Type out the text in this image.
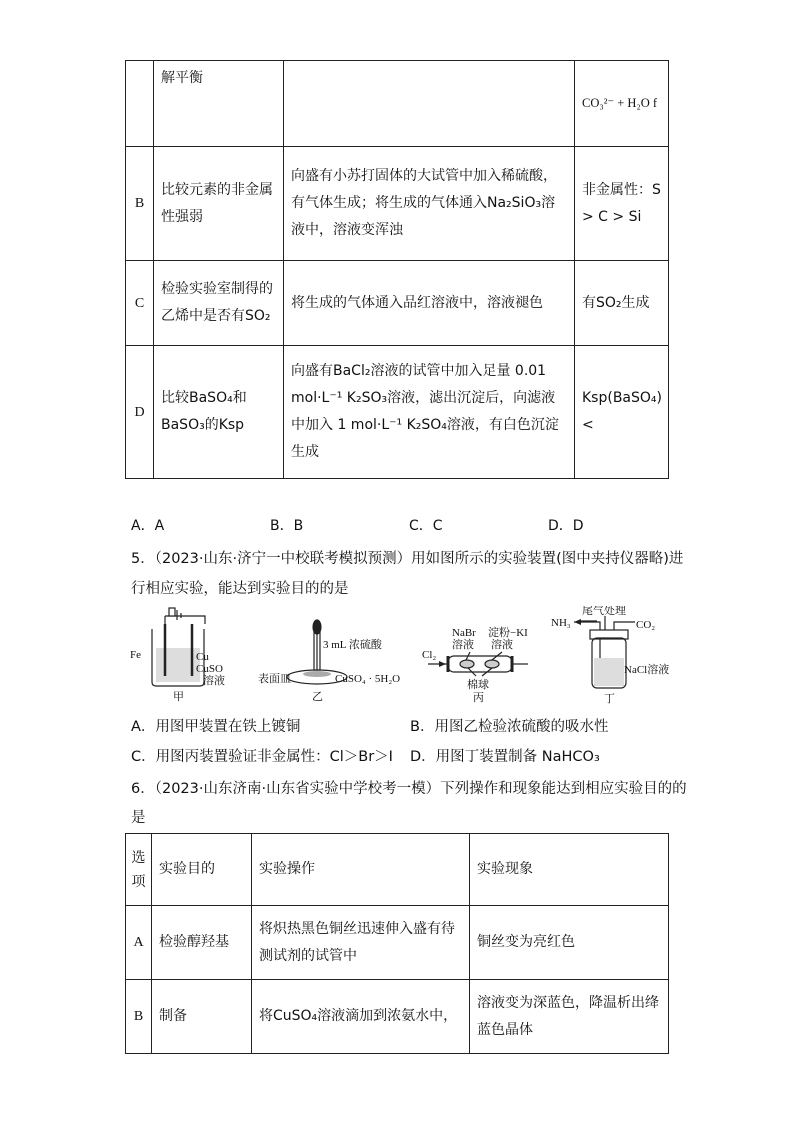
	解平衡		CO₃²⁻ + H₂O f
B	比较元素的非金属性强弱	向盛有小苏打固体的大试管中加入稀硫酸，有气体生成；将生成的气体通入Na₂SiO₃溶液中，溶液变浑浊	非金属性：S > C > Si
C	检验实验室制得的乙烯中是否有SO₂	将生成的气体通入品红溶液中，溶液褪色	有SO₂生成
D	比较BaSO₄和BaSO₃的Ksp	向盛有BaCl₂溶液的试管中加入足量 0.01 mol·L⁻¹ K₂SO₃溶液，滤出沉淀后，向滤液中加入 1 mol·L⁻¹ K₂SO₄溶液，有白色沉淀生成	Ksp(BaSO₄) <
A．A	B．B	C．C	D．D
5．（2023·山东·济宁一中校联考模拟预测）用如图所示的实验装置(图中夹持仪器略)进
行相应实验，能达到实验目的的是
Fe	Cu
CuSO
溶液
甲
3 mL 浓硫酸
表面皿	CuSO₄ · 5H₂O
乙
Cl₂
NaBr
溶液
淀粉−KI
溶液
棉球
丙
尾气处理
NH₃	CO₂
NaCl溶液
丁
A．用图甲装置在铁上镀铜	B．用图乙检验浓硫酸的吸水性
C．用图丙装置验证非金属性：Cl＞Br＞I D．用图丁装置制备 NaHCO₃
6．（2023·山东济南·山东省实验中学校考一模）下列操作和现象能达到相应实验目的的
是
选
项	实验目的	实验操作	实验现象
A	检验醇羟基	将炽热黑色铜丝迅速伸入盛有待测试剂的试管中	铜丝变为亮红色
B	制备	将CuSO₄溶液滴加到浓氨水中，	溶液变为深蓝色，降温析出绛蓝色晶体
